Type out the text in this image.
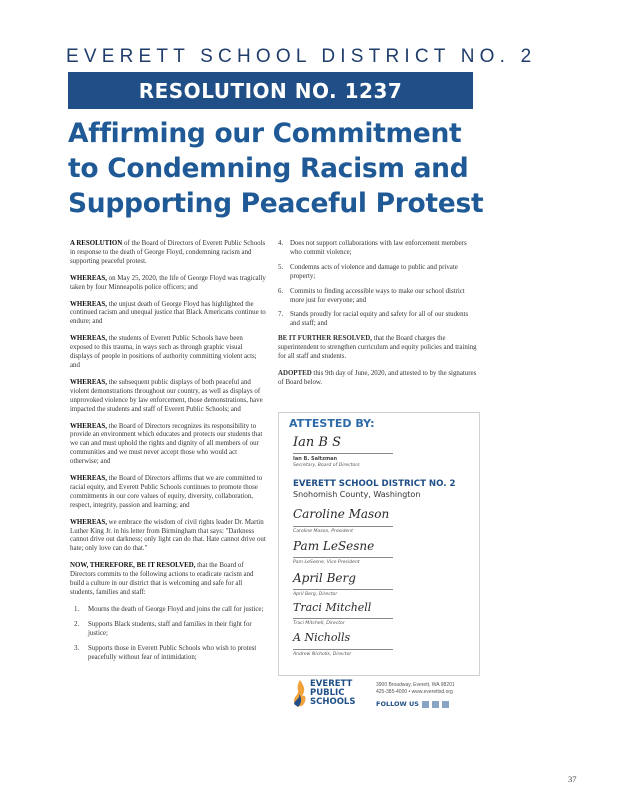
EVERETT SCHOOL DISTRICT NO. 2
RESOLUTION NO. 1237
Affirming our Commitment
to Condemning Racism and
Supporting Peaceful Protest

A RESOLUTION of the Board of Directors of Everett Public Schools in response to the death of George Floyd, condemning racism and supporting peaceful protest.

WHEREAS, on May 25, 2020, the life of George Floyd was tragically taken by four Minneapolis police officers; and

WHEREAS, the unjust death of George Floyd has highlighted the continued racism and unequal justice that Black Americans continue to endure; and

WHEREAS, the students of Everett Public Schools have been exposed to this trauma, in ways such as through graphic visual displays of people in positions of authority committing violent acts; and

WHEREAS, the subsequent public displays of both peaceful and violent demonstrations throughout our country, as well as displays of unprovoked violence by law enforcement, those demonstrations, have impacted the students and staff of Everett Public Schools; and

WHEREAS, the Board of Directors recognizes its responsibility to provide an environment which educates and protects our students that we can and must uphold the rights and dignity of all members of our communities and we must never accept those who would act otherwise; and

WHEREAS, the Board of Directors affirms that we are committed to racial equity, and Everett Public Schools continues to promote those commitments in our core values of equity, diversity, collaboration, respect, integrity, passion and learning; and

WHEREAS, we embrace the wisdom of civil rights leader Dr. Martin Luther King Jr. in his letter from Birmingham that says: "Darkness cannot drive out darkness; only light can do that. Hate cannot drive out hate; only love can do that."

NOW, THEREFORE, BE IT RESOLVED, that the Board of Directors commits to the following actions to eradicate racism and build a culture in our district that is welcoming and safe for all students, families and staff:

1. Mourns the death of George Floyd and joins the call for justice;
2. Supports Black students, staff and families in their fight for justice;
3. Supports those in Everett Public Schools who wish to protest peacefully without fear of intimidation;
4. Does not support collaborations with law enforcement members who commit violence;
5. Condemns acts of violence and damage to public and private property;
6. Commits to finding accessible ways to make our school district more just for everyone; and
7. Stands proudly for racial equity and safety for all of our students and staff; and

BE IT FURTHER RESOLVED, that the Board charges the superintendent to strengthen curriculum and equity policies and training for all staff and students.

ADOPTED this 9th day of June, 2020, and attested to by the signatures of Board below.

ATTESTED BY:
Ian B S
Ian B. Saltzman
Secretary, Board of Directors
EVERETT SCHOOL DISTRICT NO. 2
Snohomish County, Washington
Caroline Mason
Caroline Mason, President
Pam LeSesne
Pam LeSesne, Vice President
April Berg
April Berg, Director
Traci Mitchell
Traci Mitchell, Director
A Nicholls
Andrew Nicholls, Director
EVERETT
PUBLIC
SCHOOLS
3900 Broadway, Everett, WA 98201
425-385-4000 • www.everettsd.org
FOLLOW US
37
